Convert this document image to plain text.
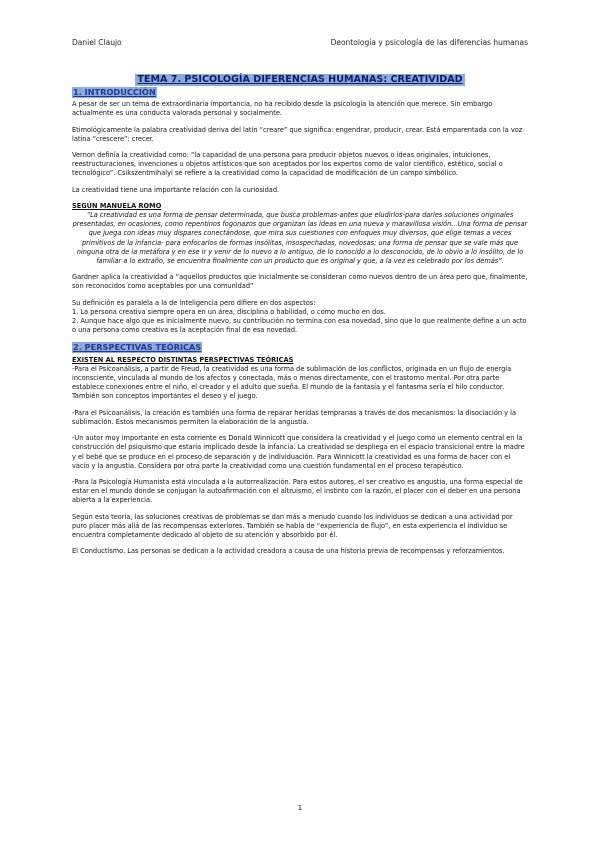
Daniel Claujo	Deontología y psicología de las diferencias humanas
TEMA 7. PSICOLOGÍA DIFERENCIAS HUMANAS: CREATIVIDAD
1. INTRODUCCIÓN

A pesar de ser un tema de extraordinaria importancia, no ha recibido desde la psicología la atención que merece. Sin embargo actualmente es una conducta valorada personal y socialmente.

Etimológicamente la palabra creatividad deriva del latín “creare” que significa: engendrar, producir, crear. Está emparentada con la voz latina “crescere”: crecer.

Vernon definía la creatividad como: “la capacidad de una persona para producir objetos nuevos o ideas originales, intuiciones, reestructuraciones, invenciones u objetos artísticos que son aceptados por los expertos como de valor científico, estético, social o tecnológico”. Csikszentmihalyi se refiere a la creatividad como la capacidad de modificación de un campo simbólico.

La creatividad tiene una importante relación con la curiosidad.

SEGÚN MANUELA ROMO

“La creatividad es una forma de pensar determinada, que busca problemas-antes que eludirlos-para darles soluciones originales presentadas, en ocasiones, como repentinos fogonazos que organizan las ideas en una nueva y maravillosa visión...Una forma de pensar que juega con ideas muy dispares conectándose, que mira sus cuestiones con enfoques muy diversos, que elige temas a veces primitivos de la infancia- para enfocarlos de formas insólitas, insospechadas, novedosas; una forma de pensar que se vale más que ninguna otra de la metáfora y en ese ir y venir de lo nuevo a lo antiguo, de lo conocido a lo desconocido, de lo obvio a lo insólito, de lo familiar a lo extraño, se encuentra finalmente con un producto que es original y que, a la vez es celebrado por los demás”.

Gardner aplica la creatividad a “aquellos productos que inicialmente se consideran como nuevos dentro de un área pero que, finalmente, son reconocidos como aceptables por una comunidad”

Su definición es paralela a la de inteligencia pero difiere en dos aspectos:
1. La persona creativa siempre opera en un área, disciplina o habilidad, o como mucho en dos.
2. Aunque hace algo que es inicialmente nuevo, su contribución no termina con esa novedad, sino que lo que realmente define a un acto o una persona como creativa es la aceptación final de esa novedad.
2. PERSPECTIVAS TEÓRICAS
EXISTEN AL RESPECTO DISTINTAS PERSPECTIVAS TEÓRICAS

-Para el Psicoanálisis, a partir de Freud, la creatividad es una forma de sublimación de los conflictos, originada en un flujo de energía inconsciente, vinculada al mundo de los afectos y conectada, más o menos directamente, con el trastorno mental. Por otra parte establece conexiones entre el niño, el creador y el adulto que sueña. El mundo de la fantasía y el fantasma sería el hilo conductor. También son conceptos importantes el deseo y el juego.

-Para el Psicoanálisis, la creación es también una forma de reparar heridas tempranas a través de dos mecanismos: la disociación y la sublimación. Estos mecanismos permiten la elaboración de la angustia.

-Un autor muy importante en esta corriente es Donald Winnicott que considera la creatividad y el juego como un elemento central en la construcción del psiquismo que estaría implicado desde la infancia. La creatividad se despliega en el espacio transicional entre la madre y el bebé que se produce en el proceso de separación y de individuación. Para Winnicott la creatividad es una forma de hacer con el vacío y la angustia. Considera por otra parte la creatividad como una cuestión fundamental en el proceso terapéutico.

-Para la Psicología Humanista está vinculada a la autorrealización. Para estos autores, el ser creativo es angustia, una forma especial de estar en el mundo donde se conjugan la autoafirmación con el altruismo, el instinto con la razón, el placer con el deber en una persona abierta a la experiencia.

Según esta teoría, las soluciones creativas de problemas se dan más a menudo cuando los individuos se dedican a una actividad por puro placer más allá de las recompensas exteriores. También se habla de “experiencia de flujo”, en esta experiencia el individuo se encuentra completamente dedicado al objeto de su atención y absorbido por él.

El Conductismo. Las personas se dedican a la actividad creadora a causa de una historia previa de recompensas y reforzamientos.

1
